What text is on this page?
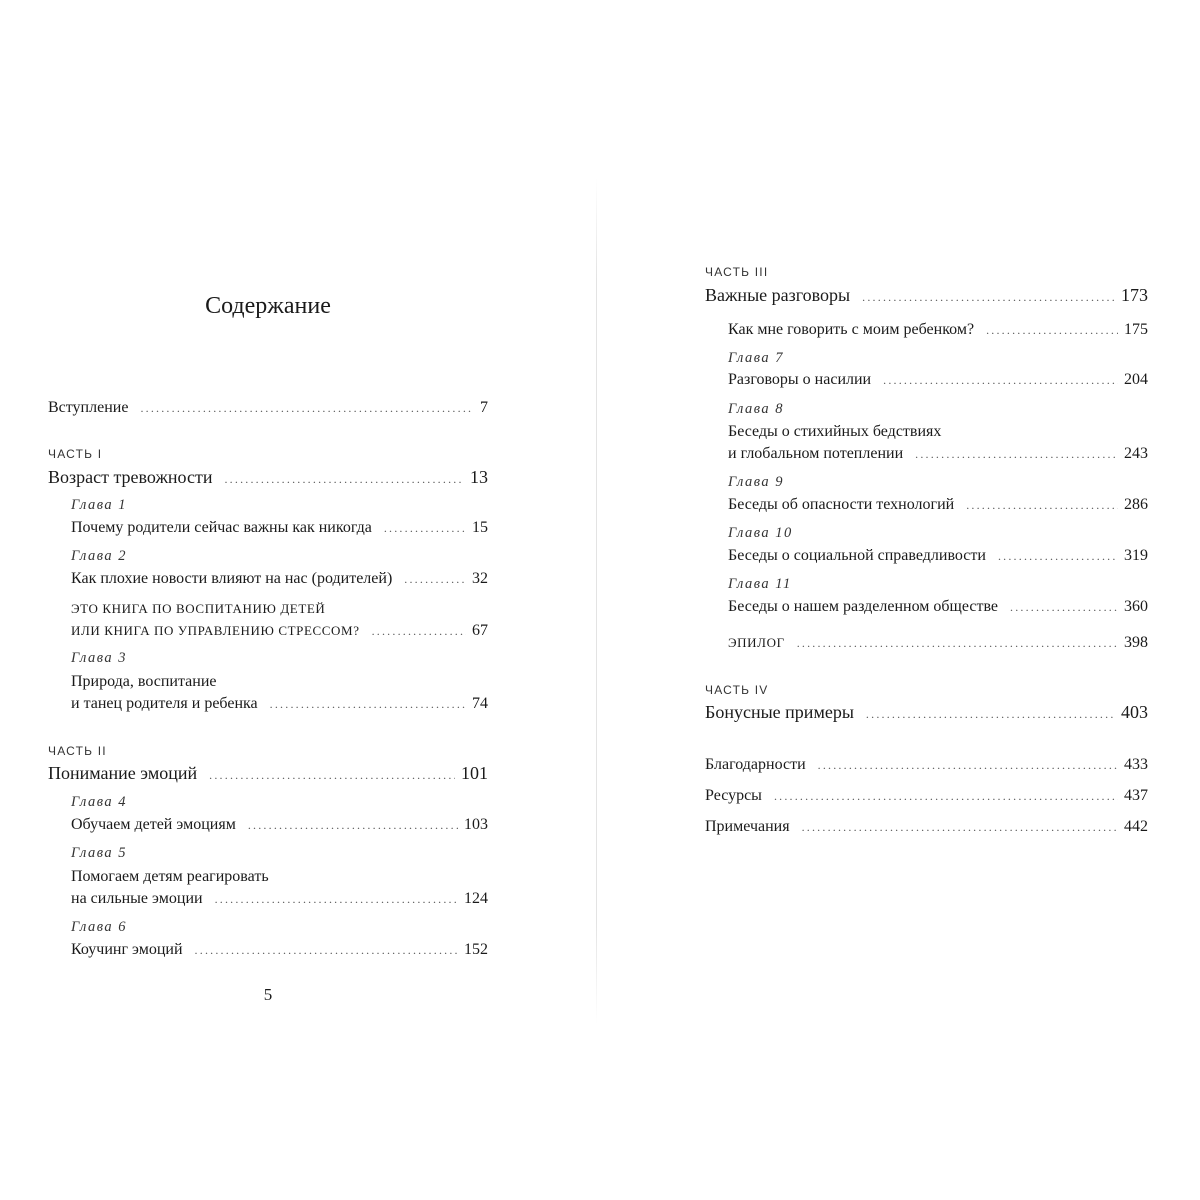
Содержание
Вступление .....	7
ЧАСТЬ I
Возраст тревожности .....	13
Глава 1
Почему родители сейчас важны как никогда .....	15
Глава 2
Как плохие новости влияют на нас (родителей) .....	32
ЭТО КНИГА ПО ВОСПИТАНИЮ ДЕТЕЙ
ИЛИ КНИГА ПО УПРАВЛЕНИЮ СТРЕССОМ? .....	67
Глава 3
Природа, воспитание
и танец родителя и ребенка .....	74
ЧАСТЬ II
Понимание эмоций .....	101
Глава 4
Обучаем детей эмоциям .....	103
Глава 5
Помогаем детям реагировать
на сильные эмоции .....	124
Глава 6
Коучинг эмоций .....	152
5
ЧАСТЬ III
Важные разговоры .....	173
Как мне говорить с моим ребенком? .....	175
Глава 7
Разговоры о насилии .....	204
Глава 8
Беседы о стихийных бедствиях
и глобальном потеплении .....	243
Глава 9
Беседы об опасности технологий .....	286
Глава 10
Беседы о социальной справедливости .....	319
Глава 11
Беседы о нашем разделенном обществе .....	360
ЭПИЛОГ .....	398
ЧАСТЬ IV
Бонусные примеры .....	403
Благодарности .....	433
Ресурсы .....	437
Примечания .....	442
